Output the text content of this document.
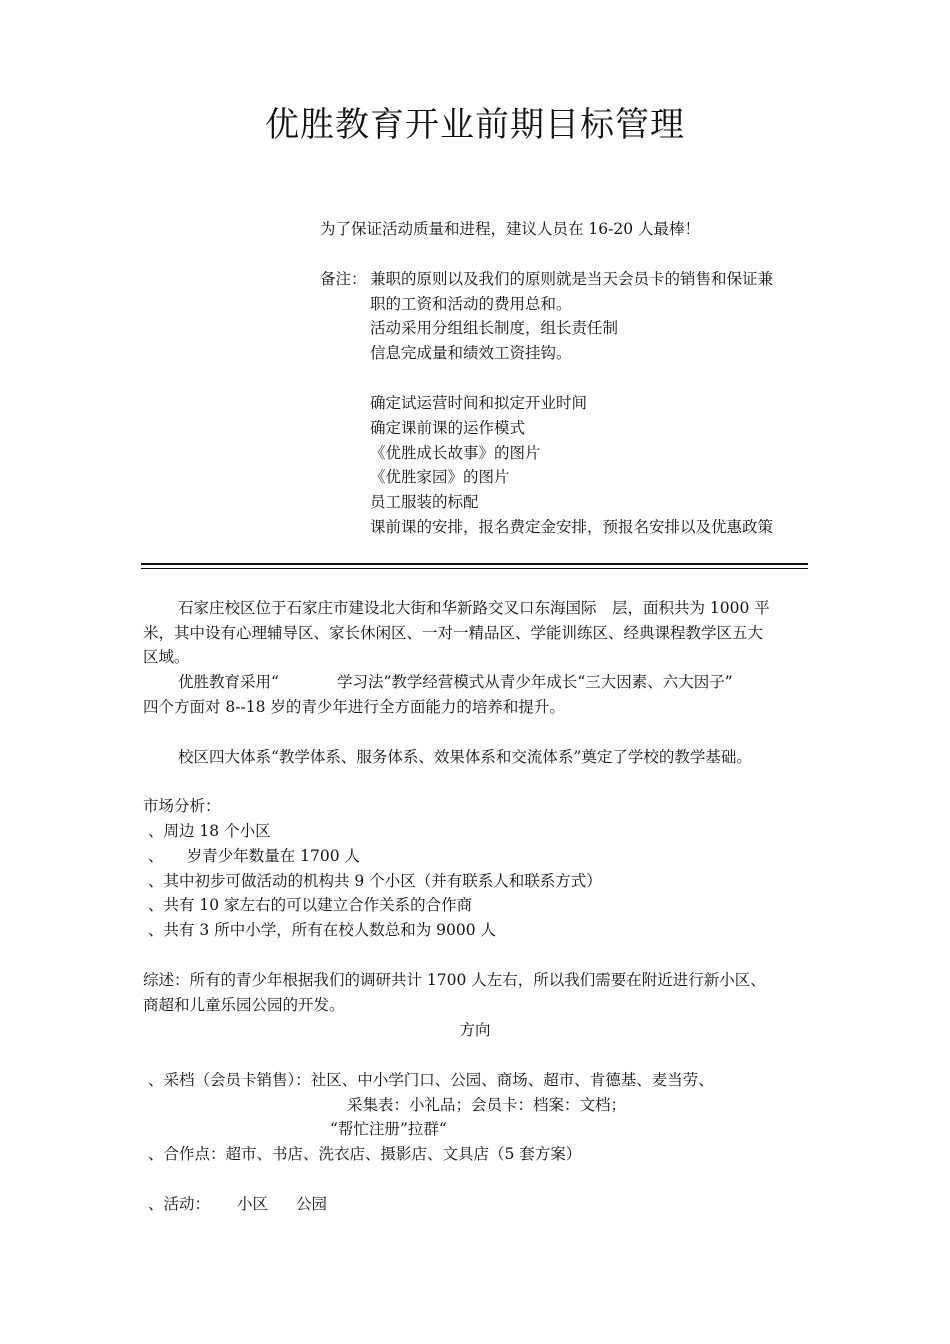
优胜教育开业前期目标管理
为了保证活动质量和进程，建议人员在 16-20 人最棒！
备注： 兼职的原则以及我们的原则就是当天会员卡的销售和保证兼
职的工资和活动的费用总和。
活动采用分组组长制度，组长责任制
信息完成量和绩效工资挂钩。
确定试运营时间和拟定开业时间
确定课前课的运作模式
《优胜成长故事》的图片
《优胜家园》的图片
员工服装的标配
课前课的安排，报名费定金安排，预报名安排以及优惠政策
石家庄校区位于石家庄市建设北大街和华新路交叉口东海国际　层，面积共为 1000 平
米，其中设有心理辅导区、家长休闲区、一对一精品区、学能训练区、经典课程教学区五大
区域。
优胜教育采用“	学习法”教学经营模式从青少年成长“三大因素、六大因子”
四个方面对 8--18 岁的青少年进行全方面能力的培养和提升。
校区四大体系“教学体系、服务体系、效果体系和交流体系”奠定了学校的教学基础。
市场分析：
、周边 18 个小区
、　　岁青少年数量在 1700 人
、其中初步可做活动的机构共 9 个小区（并有联系人和联系方式）
、共有 10 家左右的可以建立合作关系的合作商
、共有 3 所中小学，所有在校人数总和为 9000 人
综述：所有的青少年根据我们的调研共计 1700 人左右，所以我们需要在附近进行新小区、
商超和儿童乐园公园的开发。
方向
、采档（会员卡销售）：社区、中小学门口、公园、商场、超市、肯德基、麦当劳、
采集表：小礼品；会员卡：档案：文档；
“帮忙注册”拉群“
、合作点：超市、书店、洗衣店、摄影店、文具店（5 套方案）
、活动： 小区 公园
